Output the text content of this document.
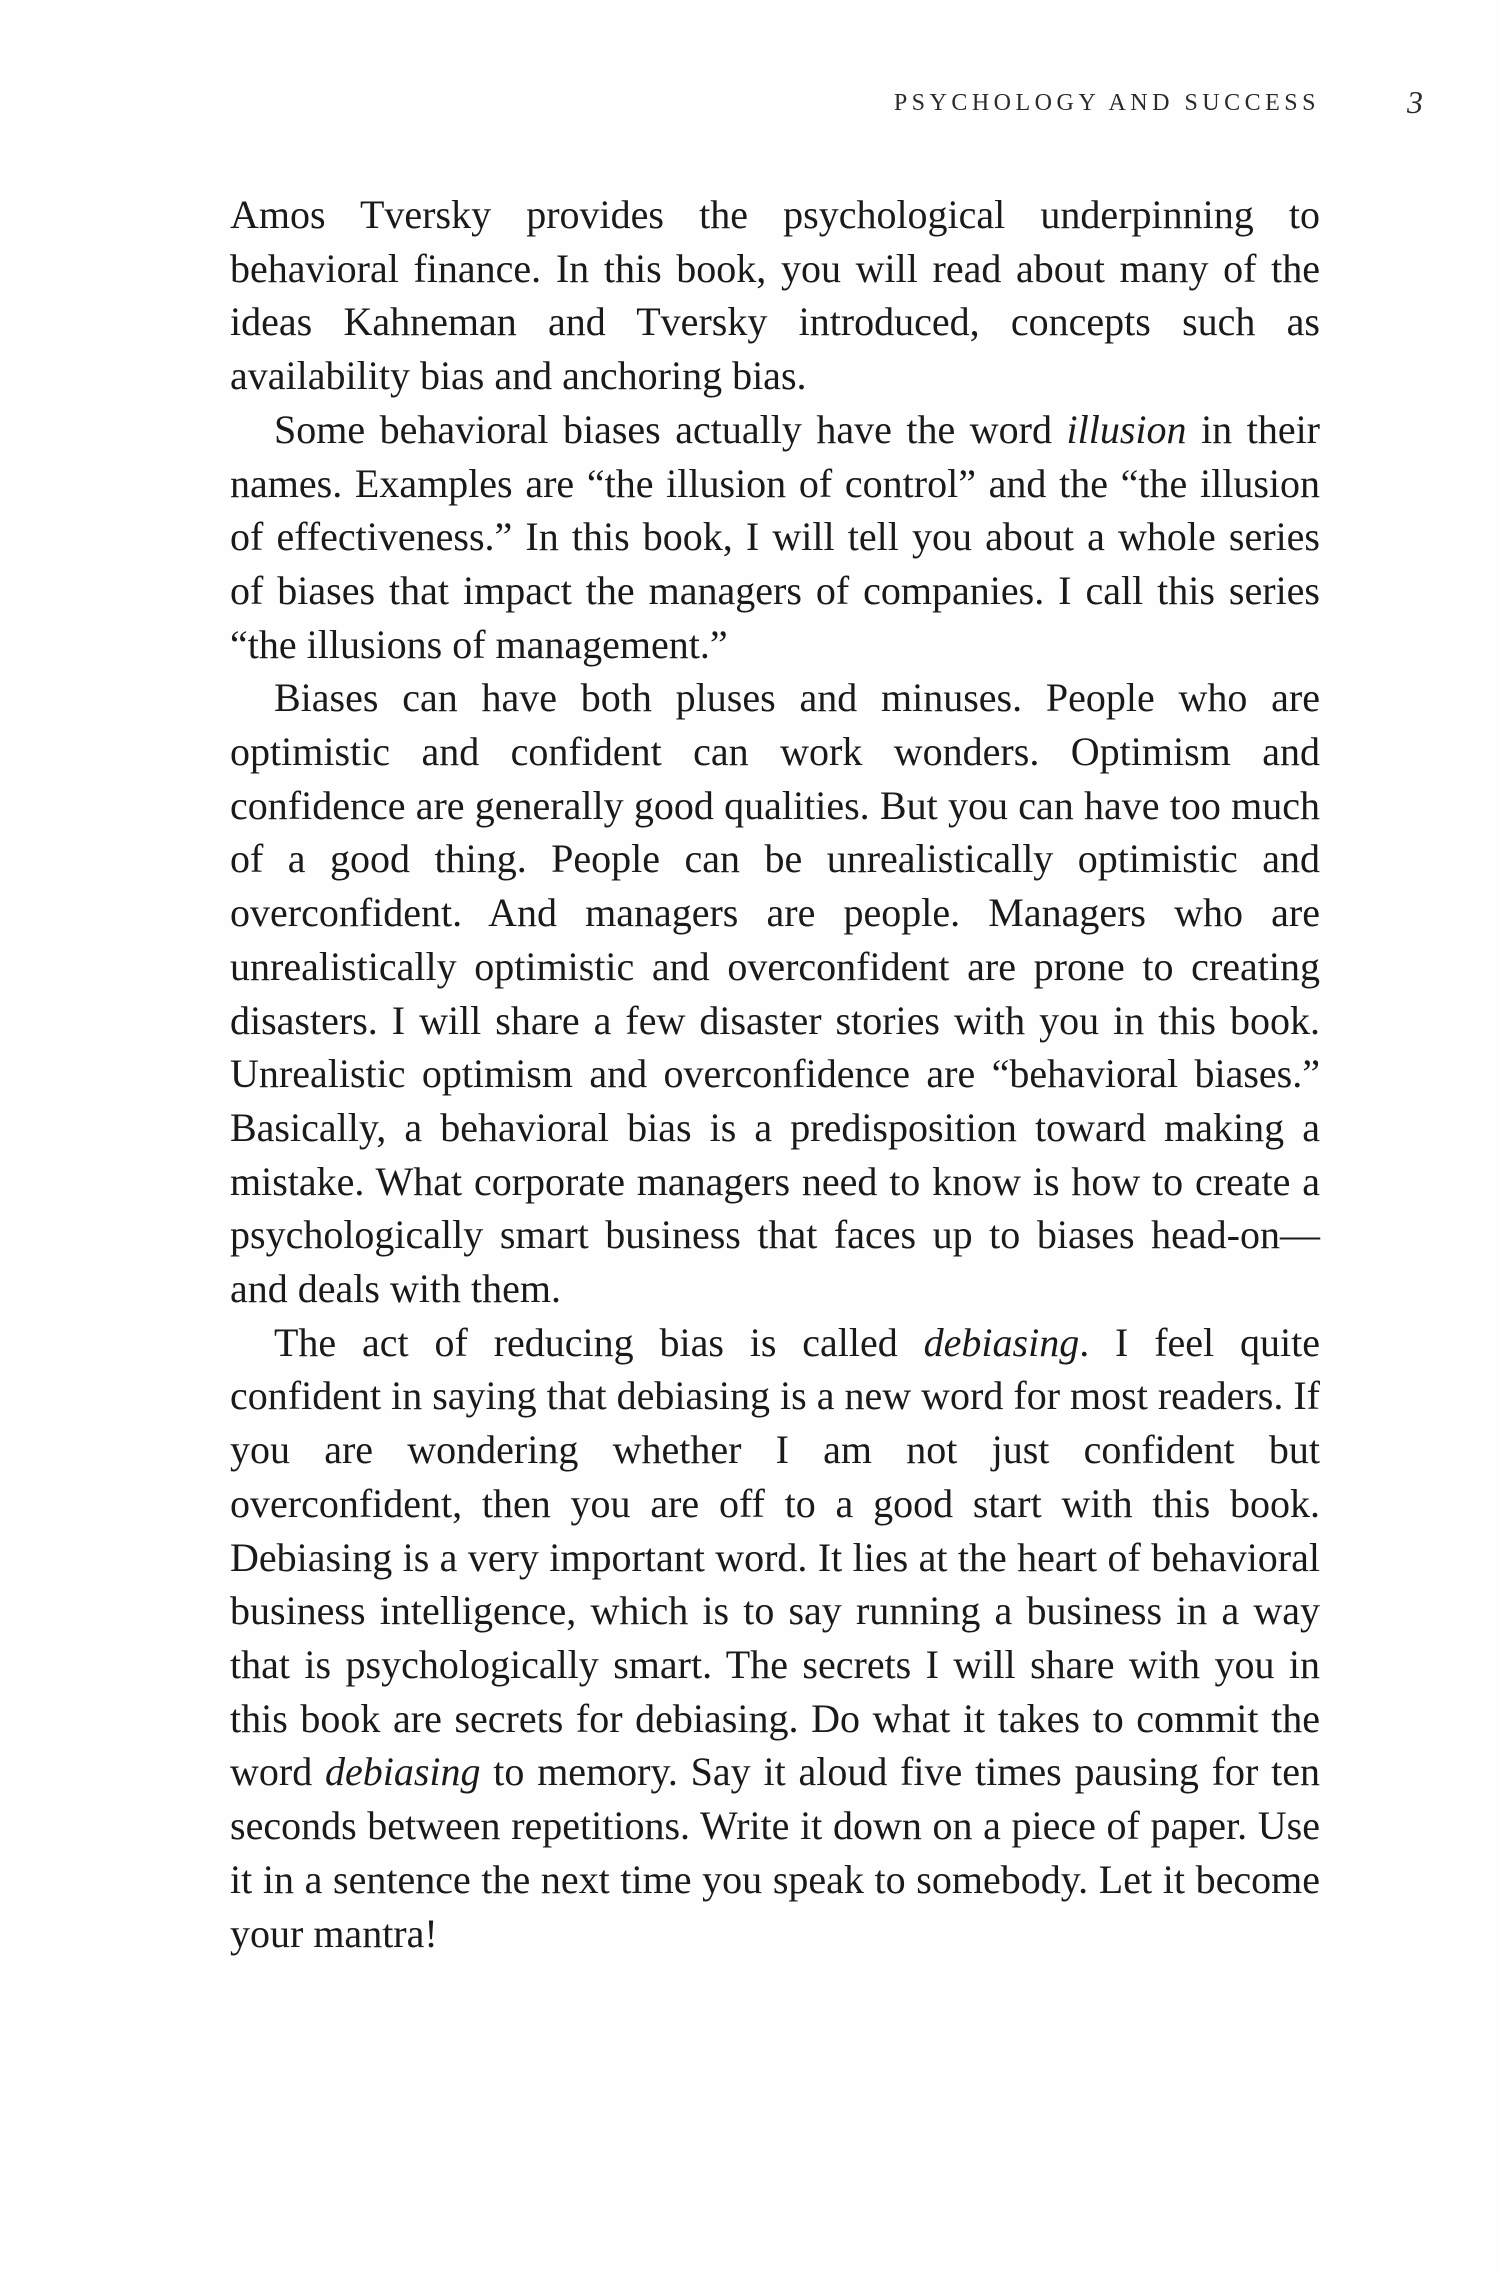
PSYCHOLOGY AND SUCCESS	3

Amos Tversky provides the psychological underpinning to behavioral finance. In this book, you will read about many of the ideas Kahneman and Tversky introduced, concepts such as availability bias and anchoring bias.

Some behavioral biases actually have the word illusion in their names. Examples are “the illusion of control” and the “the illusion of effectiveness.” In this book, I will tell you about a whole series of biases that impact the managers of companies. I call this series “the illusions of management.”

Biases can have both pluses and minuses. People who are optimistic and confident can work wonders. Optimism and confidence are generally good qualities. But you can have too much of a good thing. People can be unrealistically optimistic and overconfident. And managers are people. Managers who are unrealistically optimistic and overconfident are prone to creating disasters. I will share a few disaster stories with you in this book. Unrealistic optimism and overconfidence are “behavioral biases.” Basically, a behavioral bias is a predisposition toward making a mistake. What corporate managers need to know is how to create a psychologically smart business that faces up to biases head-on—and deals with them.

The act of reducing bias is called debiasing. I feel quite confident in saying that debiasing is a new word for most readers. If you are wondering whether I am not just confident but overconfident, then you are off to a good start with this book. Debiasing is a very important word. It lies at the heart of behavioral business intelligence, which is to say running a business in a way that is psychologically smart. The secrets I will share with you in this book are secrets for debiasing. Do what it takes to commit the word debiasing to memory. Say it aloud five times pausing for ten seconds between repetitions. Write it down on a piece of paper. Use it in a sentence the next time you speak to somebody. Let it become your mantra!
